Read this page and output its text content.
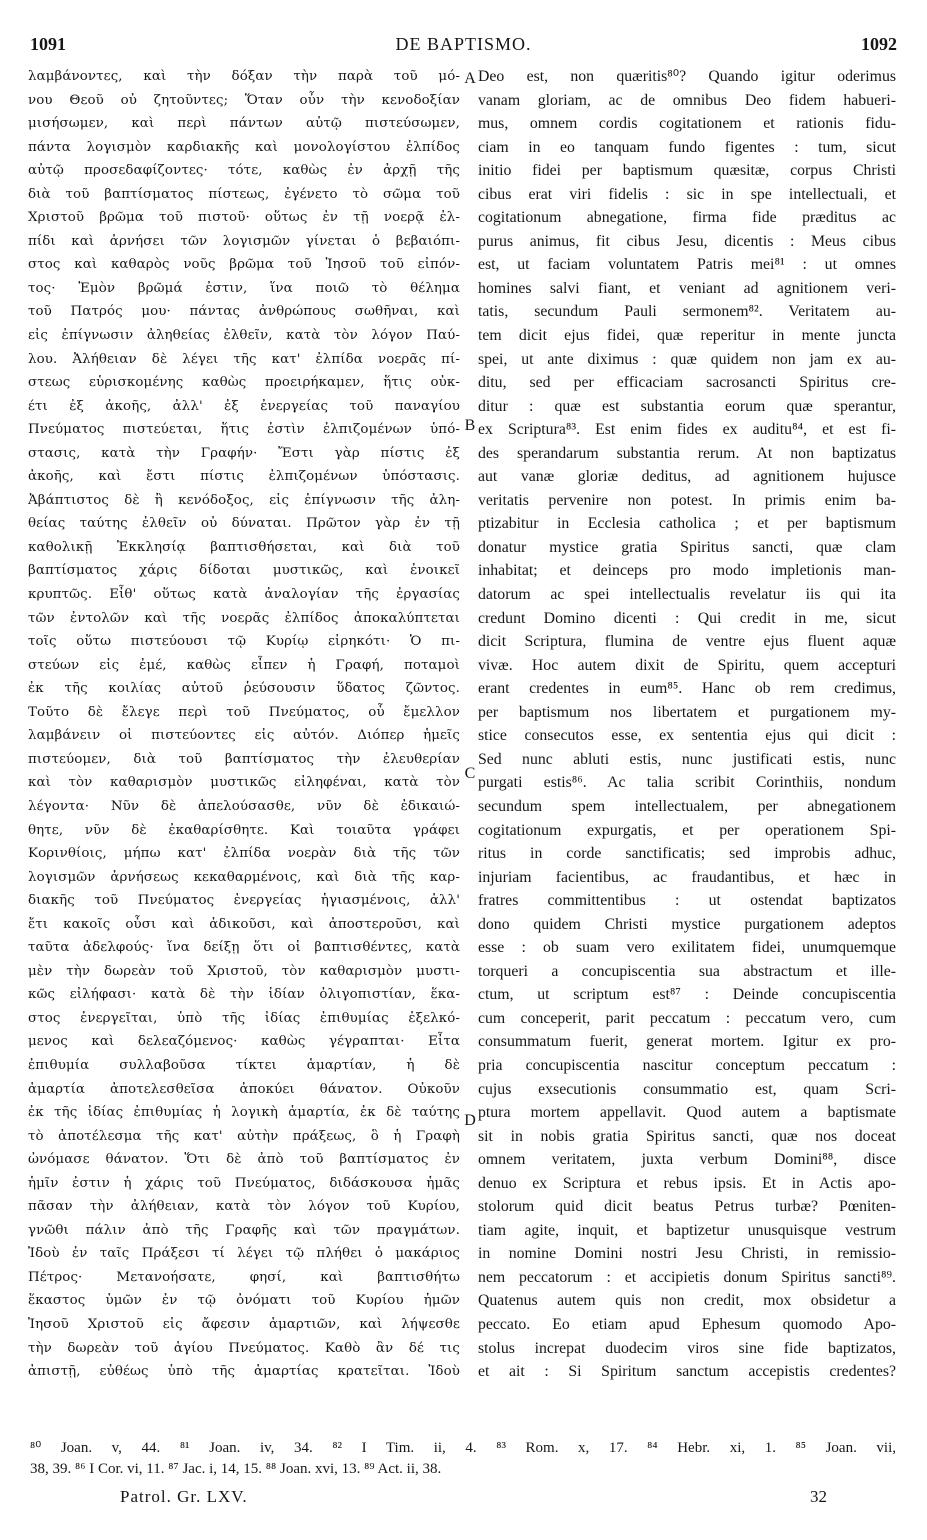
1091	DE BAPTISMO.	1092
λαμβάνοντες, καὶ τὴν δόξαν τὴν παρὰ τοῦ μό-
νου Θεοῦ οὐ ζητοῦντες; Ὅταν οὖν τὴν κενοδοξίαν
μισήσωμεν, καὶ περὶ πάντων αὐτῷ πιστεύσωμεν,
πάντα λογισμὸν καρδιακῆς καὶ μονολογίστου ἐλπίδος
αὐτῷ προσεδαφίζοντες· τότε, καθὼς ἐν ἀρχῇ τῆς
διὰ τοῦ βαπτίσματος πίστεως, ἐγένετο τὸ σῶμα τοῦ
Χριστοῦ βρῶμα τοῦ πιστοῦ· οὕτως ἐν τῇ νοερᾷ ἐλ-
πίδι καὶ ἀρνήσει τῶν λογισμῶν γίνεται ὁ βεβαιόπι-
στος καὶ καθαρὸς νοῦς βρῶμα τοῦ Ἰησοῦ τοῦ εἰπόν-
τος· Ἐμὸν βρῶμά ἐστιν, ἵνα ποιῶ τὸ θέλημα
τοῦ Πατρός μου· πάντας ἀνθρώπους σωθῆναι, καὶ
εἰς ἐπίγνωσιν ἀληθείας ἐλθεῖν, κατὰ τὸν λόγον Παύ-
λου. Ἀλήθειαν δὲ λέγει τῆς κατ' ἐλπίδα νοερᾶς πί-
στεως εὑρισκομένης καθὼς προειρήκαμεν, ἥτις οὐκ-
έτι ἐξ ἀκοῆς, ἀλλ' ἐξ ἐνεργείας τοῦ παναγίου
Πνεύματος πιστεύεται, ἥτις ἐστὶν ἐλπιζομένων ὑπό-
στασις, κατὰ τὴν Γραφήν· Ἔστι γὰρ πίστις ἐξ
ἀκοῆς, καὶ ἔστι πίστις ἐλπιζομένων ὑπόστασις.
Ἀβάπτιστος δὲ ἢ κενόδοξος, εἰς ἐπίγνωσιν τῆς ἀλη-
θείας ταύτης ἐλθεῖν οὐ δύναται. Πρῶτον γὰρ ἐν τῇ
καθολικῇ Ἐκκλησίᾳ βαπτισθήσεται, καὶ διὰ τοῦ
βαπτίσματος χάρις δίδοται μυστικῶς, καὶ ἐνοικεῖ
κρυπτῶς. Εἶθ' οὕτως κατὰ ἀναλογίαν τῆς ἐργασίας
τῶν ἐντολῶν καὶ τῆς νοερᾶς ἐλπίδος ἀποκαλύπτεται
τοῖς οὕτω πιστεύουσι τῷ Κυρίῳ εἰρηκότι· Ὁ πι-
στεύων εἰς ἐμέ, καθὼς εἶπεν ἡ Γραφή, ποταμοὶ
ἐκ τῆς κοιλίας αὐτοῦ ῥεύσουσιν ὕδατος ζῶντος.
Τοῦτο δὲ ἔλεγε περὶ τοῦ Πνεύματος, οὗ ἔμελλον
λαμβάνειν οἱ πιστεύοντες εἰς αὐτόν. Διόπερ ἡμεῖς
πιστεύομεν, διὰ τοῦ βαπτίσματος τὴν ἐλευθερίαν
καὶ τὸν καθαρισμὸν μυστικῶς εἰληφέναι, κατὰ τὸν
λέγοντα· Νῦν δὲ ἀπελούσασθε, νῦν δὲ ἐδικαιώ-
θητε, νῦν δὲ ἐκαθαρίσθητε. Καὶ τοιαῦτα γράφει
Κορινθίοις, μήπω κατ' ἐλπίδα νοερὰν διὰ τῆς τῶν
λογισμῶν ἀρνήσεως κεκαθαρμένοις, καὶ διὰ τῆς καρ-
διακῆς τοῦ Πνεύματος ἐνεργείας ἡγιασμένοις, ἀλλ'
ἔτι κακοῖς οὖσι καὶ ἀδικοῦσι, καὶ ἀποστεροῦσι, καὶ
ταῦτα ἀδελφούς· ἵνα δείξῃ ὅτι οἱ βαπτισθέντες, κατὰ
μὲν τὴν δωρεὰν τοῦ Χριστοῦ, τὸν καθαρισμὸν μυστι-
κῶς εἰλήφασι· κατὰ δὲ τὴν ἰδίαν ὀλιγοπιστίαν, ἕκα-
στος ἐνεργεῖται, ὑπὸ τῆς ἰδίας ἐπιθυμίας ἐξελκό-
μενος καὶ δελεαζόμενος· καθὼς γέγραπται· Εἶτα
ἐπιθυμία συλλαβοῦσα τίκτει ἁμαρτίαν, ἡ δὲ
ἁμαρτία ἀποτελεσθεῖσα ἀποκύει θάνατον. Οὐκοῦν
ἐκ τῆς ἰδίας ἐπιθυμίας ἡ λογικὴ ἁμαρτία, ἐκ δὲ ταύτης
τὸ ἀποτέλεσμα τῆς κατ' αὐτὴν πράξεως, ὃ ἡ Γραφὴ
ὠνόμασε θάνατον. Ὅτι δὲ ἀπὸ τοῦ βαπτίσματος ἐν
ἡμῖν ἐστιν ἡ χάρις τοῦ Πνεύματος, διδάσκουσα ἡμᾶς
πᾶσαν τὴν ἀλήθειαν, κατὰ τὸν λόγον τοῦ Κυρίου,
γνῶθι πάλιν ἀπὸ τῆς Γραφῆς καὶ τῶν πραγμάτων.
Ἰδοὺ ἐν ταῖς Πράξεσι τί λέγει τῷ πλήθει ὁ μακάριος
Πέτρος· Μετανοήσατε, φησί, καὶ βαπτισθήτω
ἕκαστος ὑμῶν ἐν τῷ ὀνόματι τοῦ Κυρίου ἡμῶν
Ἰησοῦ Χριστοῦ εἰς ἄφεσιν ἁμαρτιῶν, καὶ λήψεσθε
τὴν δωρεὰν τοῦ ἁγίου Πνεύματος. Καθὸ ἂν δέ τις
ἀπιστῇ, εὐθέως ὑπὸ τῆς ἁμαρτίας κρατεῖται. Ἰδοὺ
Deo est, non quæritis⁸⁰? Quando igitur oderimus
vanam gloriam, ac de omnibus Deo fidem habueri-
mus, omnem cordis cogitationem et rationis fidu-
ciam in eo tanquam fundo figentes : tum, sicut
initio fidei per baptismum quæsitæ, corpus Christi
cibus erat viri fidelis : sic in spe intellectuali, et
cogitationum abnegatione, firma fide præditus ac
purus animus, fit cibus Jesu, dicentis : Meus cibus
est, ut faciam voluntatem Patris mei⁸¹ : ut omnes
homines salvi fiant, et veniant ad agnitionem veri-
tatis, secundum Pauli sermonem⁸². Veritatem au-
tem dicit ejus fidei, quæ reperitur in mente juncta
spei, ut ante diximus : quæ quidem non jam ex au-
ditu, sed per efficaciam sacrosancti Spiritus cre-
ditur : quæ est substantia eorum quæ sperantur,
ex Scriptura⁸³. Est enim fides ex auditu⁸⁴, et est fi-
des sperandarum substantia rerum. At non baptizatus
aut vanæ gloriæ deditus, ad agnitionem hujusce
veritatis pervenire non potest. In primis enim ba-
ptizabitur in Ecclesia catholica ; et per baptismum
donatur mystice gratia Spiritus sancti, quæ clam
inhabitat; et deinceps pro modo impletionis man-
datorum ac spei intellectualis revelatur iis qui ita
credunt Domino dicenti : Qui credit in me, sicut
dicit Scriptura, flumina de ventre ejus fluent aquæ
vivæ. Hoc autem dixit de Spiritu, quem accepturi
erant credentes in eum⁸⁵. Hanc ob rem credimus,
per baptismum nos libertatem et purgationem my-
stice consecutos esse, ex sententia ejus qui dicit :
Sed nunc abluti estis, nunc justificati estis, nunc
purgati estis⁸⁶. Ac talia scribit Corinthiis, nondum
secundum spem intellectualem, per abnegationem
cogitationum expurgatis, et per operationem Spi-
ritus in corde sanctificatis; sed improbis adhuc,
injuriam facientibus, ac fraudantibus, et hæc in
fratres committentibus : ut ostendat baptizatos
dono quidem Christi mystice purgationem adeptos
esse : ob suam vero exilitatem fidei, unumquemque
torqueri a concupiscentia sua abstractum et ille-
ctum, ut scriptum est⁸⁷ : Deinde concupiscentia
cum conceperit, parit peccatum : peccatum vero, cum
consummatum fuerit, generat mortem. Igitur ex pro-
pria concupiscentia nascitur conceptum peccatum :
cujus exsecutionis consummatio est, quam Scri-
ptura mortem appellavit. Quod autem a baptismate
sit in nobis gratia Spiritus sancti, quæ nos doceat
omnem veritatem, juxta verbum Domini⁸⁸, disce
denuo ex Scriptura et rebus ipsis. Et in Actis apo-
stolorum quid dicit beatus Petrus turbæ? Pœniten-
tiam agite, inquit, et baptizetur unusquisque vestrum
in nomine Domini nostri Jesu Christi, in remissio-
nem peccatorum : et accipietis donum Spiritus sancti⁸⁹.
Quatenus autem quis non credit, mox obsidetur a
peccato. Eo etiam apud Ephesum quomodo Apo-
stolus increpat duodecim viros sine fide baptizatos,
et ait : Si Spiritum sanctum accepistis credentes?
A
B
C
D
⁸⁰ Joan. v, 44. ⁸¹ Joan. iv, 34. ⁸² I Tim. ii, 4. ⁸³ Rom. x, 17. ⁸⁴ Hebr. xi, 1. ⁸⁵ Joan. vii,
38, 39. ⁸⁶ I Cor. vi, 11. ⁸⁷ Jac. i, 14, 15. ⁸⁸ Joan. xvi, 13. ⁸⁹ Act. ii, 38.
Patrol. Gr. LXV.	32
